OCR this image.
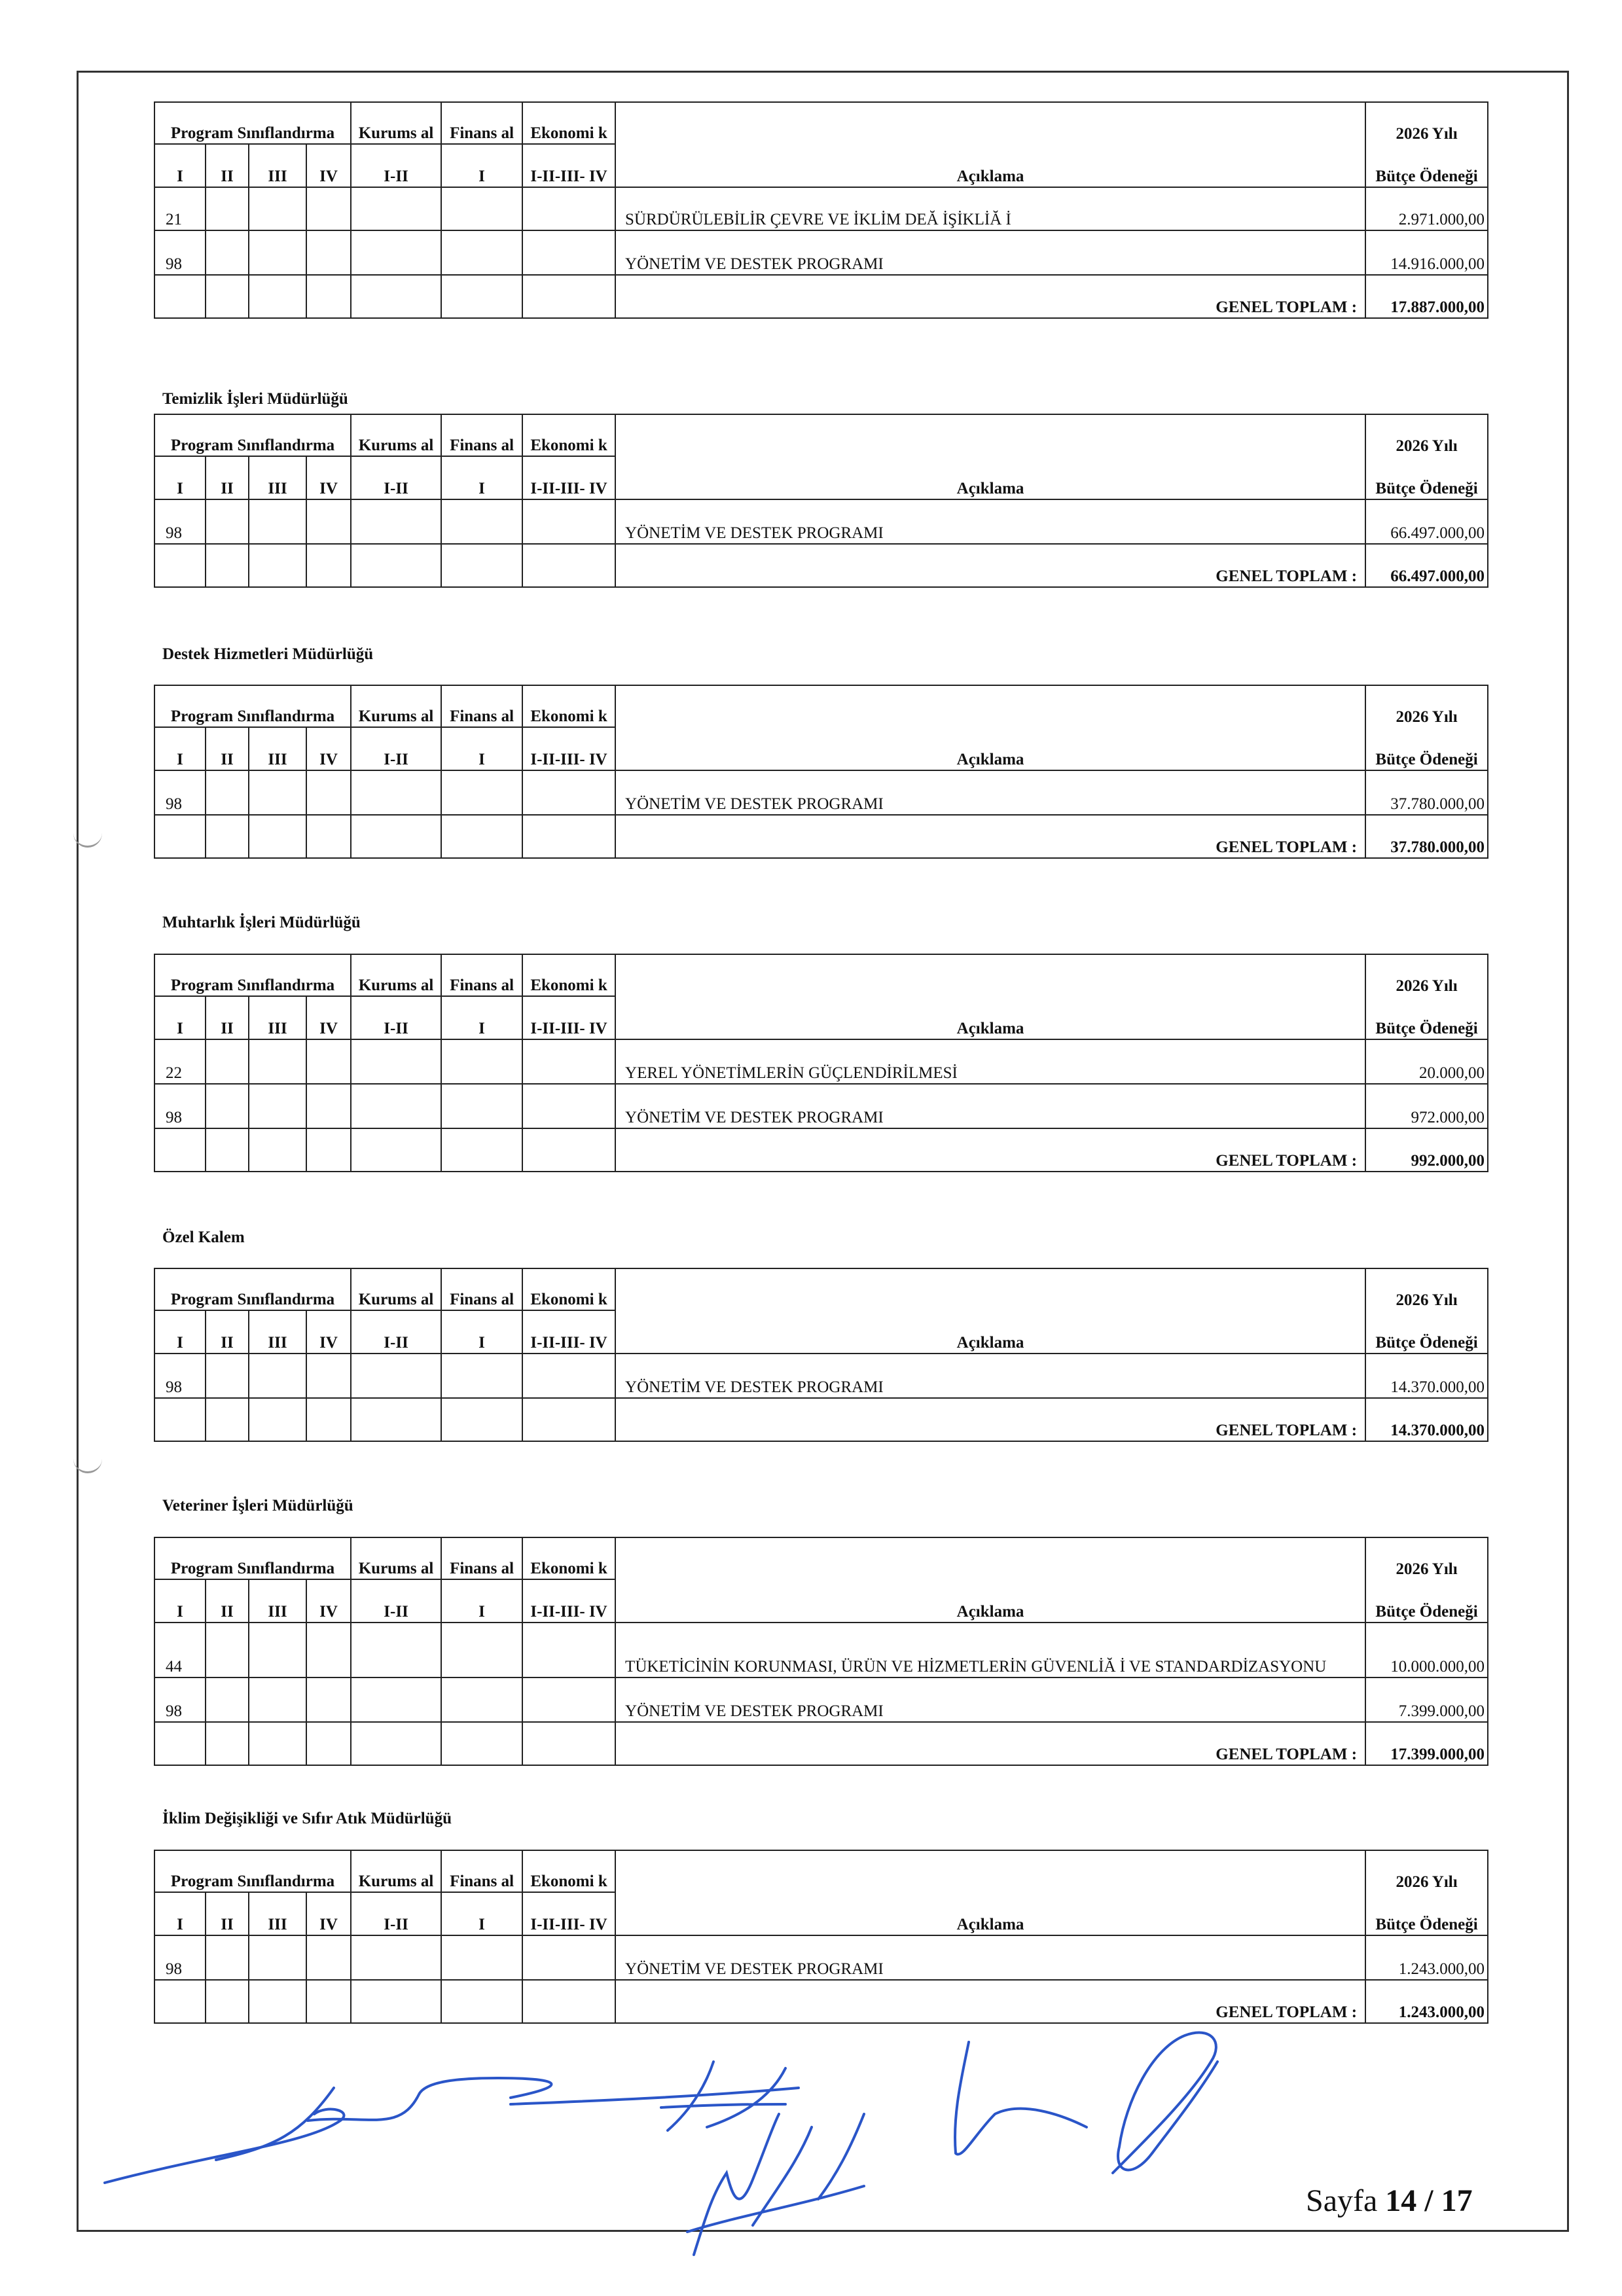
Program Sınıflandırma				Kurums al	Finans al	Ekonomi k		2026 Yılı
I	II	III	IV	I-II	I	I-II-III- IV	Açıklama	Bütçe Ödeneği
21							SÜRDÜRÜLEBİLİR ÇEVRE VE İKLİM DEĂ İŞİKLİĂ İ	2.971.000,00
98							YÖNETİM VE DESTEK PROGRAMI	14.916.000,00
							GENEL TOPLAM :	17.887.000,00
Temizlik İşleri Müdürlüğü
Program Sınıflandırma				Kurums al	Finans al	Ekonomi k		2026 Yılı
I	II	III	IV	I-II	I	I-II-III- IV	Açıklama	Bütçe Ödeneği
98							YÖNETİM VE DESTEK PROGRAMI	66.497.000,00
							GENEL TOPLAM :	66.497.000,00
Destek Hizmetleri Müdürlüğü
Program Sınıflandırma				Kurums al	Finans al	Ekonomi k		2026 Yılı
I	II	III	IV	I-II	I	I-II-III- IV	Açıklama	Bütçe Ödeneği
98							YÖNETİM VE DESTEK PROGRAMI	37.780.000,00
							GENEL TOPLAM :	37.780.000,00
Muhtarlık İşleri Müdürlüğü
Program Sınıflandırma				Kurums al	Finans al	Ekonomi k		2026 Yılı
I	II	III	IV	I-II	I	I-II-III- IV	Açıklama	Bütçe Ödeneği
22							YEREL YÖNETİMLERİN GÜÇLENDİRİLMESİ	20.000,00
98							YÖNETİM VE DESTEK PROGRAMI	972.000,00
							GENEL TOPLAM :	992.000,00
Özel Kalem
Program Sınıflandırma				Kurums al	Finans al	Ekonomi k		2026 Yılı
I	II	III	IV	I-II	I	I-II-III- IV	Açıklama	Bütçe Ödeneği
98							YÖNETİM VE DESTEK PROGRAMI	14.370.000,00
							GENEL TOPLAM :	14.370.000,00
Veteriner İşleri Müdürlüğü
Program Sınıflandırma				Kurums al	Finans al	Ekonomi k		2026 Yılı
I	II	III	IV	I-II	I	I-II-III- IV	Açıklama	Bütçe Ödeneği
44							TÜKETİCİNİN KORUNMASI, ÜRÜN VE HİZMETLERİN GÜVENLİĂ İ VE STANDARDİZASYONU	10.000.000,00
98							YÖNETİM VE DESTEK PROGRAMI	7.399.000,00
							GENEL TOPLAM :	17.399.000,00
İklim Değişikliği ve Sıfır Atık Müdürlüğü
Program Sınıflandırma				Kurums al	Finans al	Ekonomi k		2026 Yılı
I	II	III	IV	I-II	I	I-II-III- IV	Açıklama	Bütçe Ödeneği
98							YÖNETİM VE DESTEK PROGRAMI	1.243.000,00
							GENEL TOPLAM :	1.243.000,00
Sayfa 14 / 17
